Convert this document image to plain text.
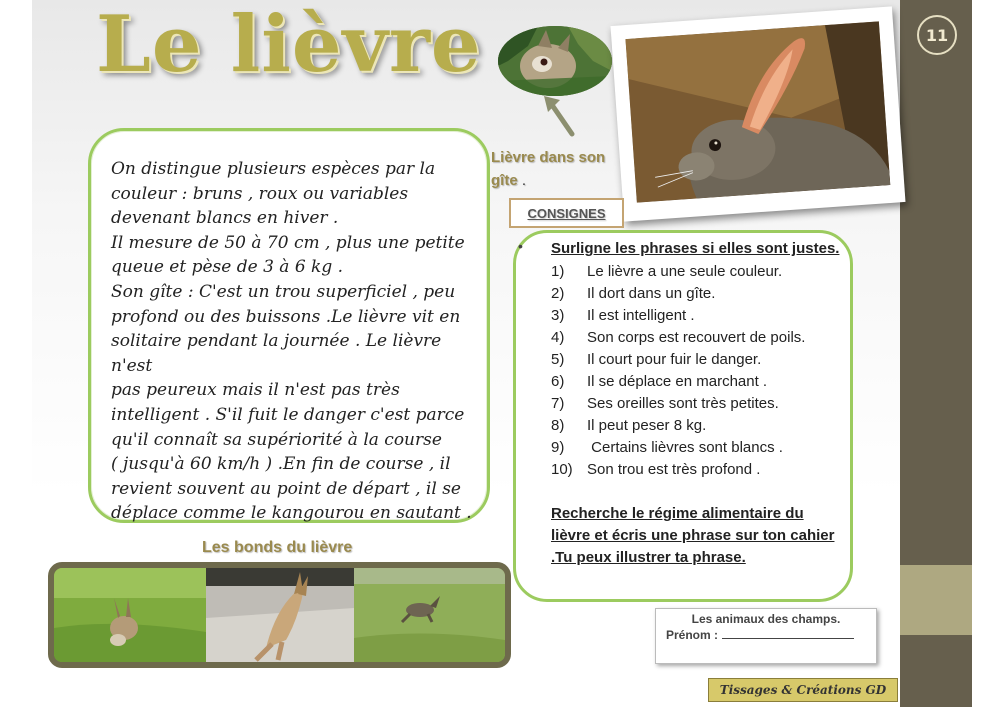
11
Le lièvre
Lièvre dans son gîte .
On distingue plusieurs espèces par la
couleur : bruns , roux ou variables
devenant blancs en hiver .
Il mesure de 50 à 70 cm , plus une petite
queue et pèse de 3 à 6 kg .
Son gîte : C'est un trou superficiel , peu
profond ou des buissons .Le lièvre vit en
solitaire pendant la journée . Le lièvre n'est
pas peureux mais il n'est pas très
intelligent . S'il fuit le danger c'est parce
qu'il connaît sa supériorité à la course
( jusqu'à 60 km/h ) .En fin de course , il
revient souvent au point de départ , il se
déplace comme le kangourou en sautant .
CONSIGNES
Surligne les phrases si elles sont justes.
1)	Le lièvre a une seule couleur.
2)	Il dort dans un gîte.
3)	Il est intelligent .
4)	Son corps est recouvert de poils.
5)	Il court pour fuir le danger.
6)	Il se déplace en marchant .
7)	Ses oreilles sont très petites.
8)	Il peut peser 8 kg.
9)	Certains lièvres sont blancs .
10) Son trou est très profond .
Recherche le régime alimentaire du lièvre et écris une phrase sur ton cahier .Tu peux illustrer ta phrase.
•
Les bonds du lièvre
Les animaux des champs.
Prénom :
Tissages & Créations GD
